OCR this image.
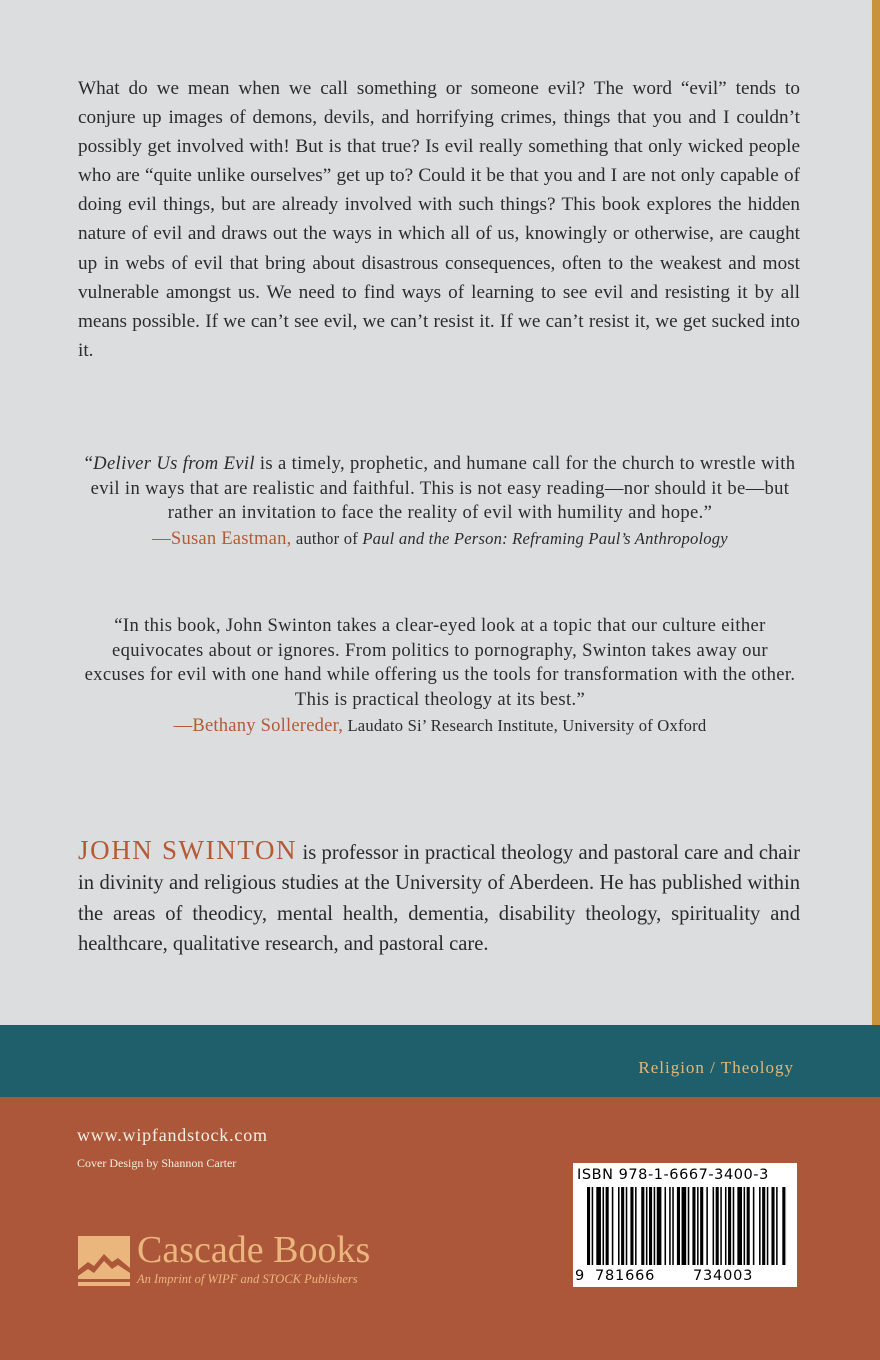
What do we mean when we call something or someone evil? The word “evil” tends to conjure up images of demons, devils, and horrifying crimes, things that you and I couldn’t possibly get involved with! But is that true? Is evil really something that only wicked people who are “quite unlike ourselves” get up to? Could it be that you and I are not only capable of doing evil things, but are already involved with such things? This book explores the hidden nature of evil and draws out the ways in which all of us, knowingly or otherwise, are caught up in webs of evil that bring about disastrous consequences, often to the weakest and most vulnerable amongst us. We need to find ways of learning to see evil and resisting it by all means possible. If we can’t see evil, we can’t resist it. If we can’t resist it, we get sucked into it.

“Deliver Us from Evil is a timely, prophetic, and humane call for the church to wrestle with evil in ways that are realistic and faithful. This is not easy reading—nor should it be—but rather an invitation to face the reality of evil with humility and hope.”
—Susan Eastman, author of Paul and the Person: Reframing Paul’s Anthropology
“In this book, John Swinton takes a clear-eyed look at a topic that our culture either equivocates about or ignores. From politics to pornography, Swinton takes away our excuses for evil with one hand while offering us the tools for transformation with the other. This is practical theology at its best.”
—Bethany Sollereder, Laudato Si’ Research Institute, University of Oxford

JOHN SWINTON is professor in practical theology and pastoral care and chair in divinity and religious studies at the University of Aberdeen. He has published within the areas of theodicy, mental health, dementia, disability theology, spirituality and healthcare, qualitative research, and pastoral care.

Religion / Theology
www.wipfandstock.com
Cover Design by Shannon Carter
Cascade Books
An Imprint of WIPF and STOCK Publishers
ISBN 978-1-6667-3400-3
9 781666	734003
